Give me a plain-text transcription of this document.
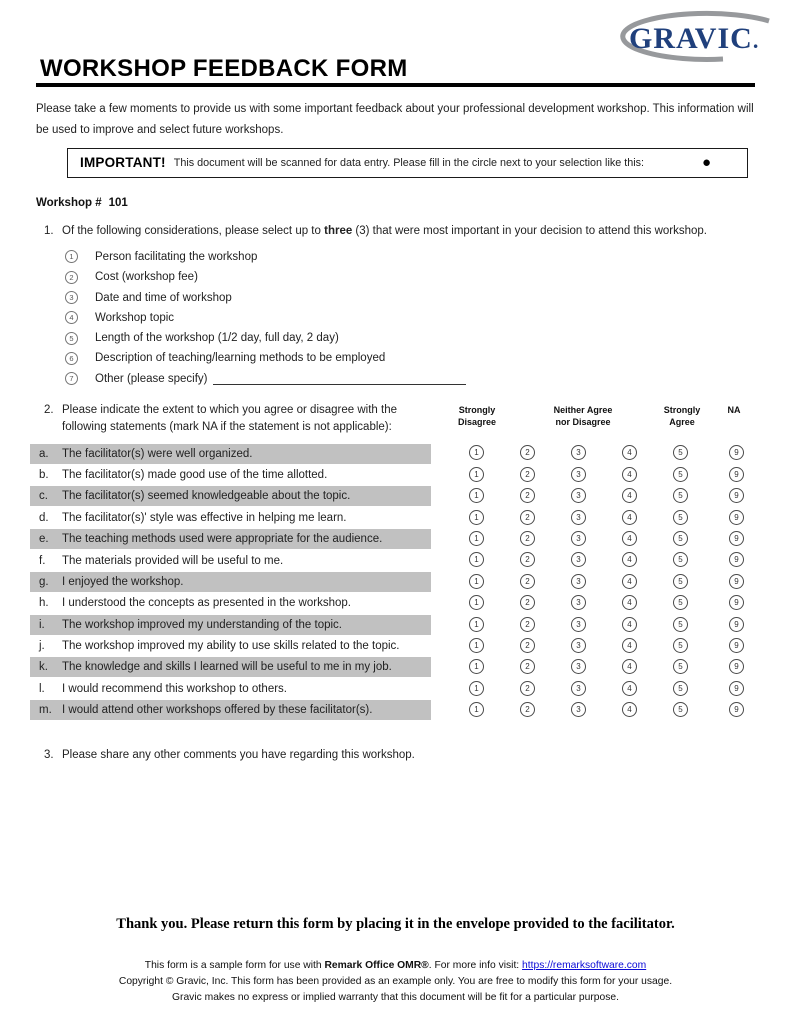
GRAVIC.
WORKSHOP FEEDBACK FORM

Please take a few moments to provide us with some important feedback about your professional development workshop. This information will be used to improve and select future workshops.

IMPORTANT! This document will be scanned for data entry. Please fill in the circle next to your selection like this:	●
Workshop # 101
1. Of the following considerations, please select up to three (3) that were most important in your decision to attend this workshop.
1	Person facilitating the workshop
2	Cost (workshop fee)
3	Date and time of workshop
4	Workshop topic
5	Length of the workshop (1/2 day, full day, 2 day)
6	Description of teaching/learning methods to be employed
7	Other (please specify)
2. Please indicate the extent to which you agree or disagree with the following statements (mark NA if the statement is not applicable):
Strongly
Disagree
Neither Agree
nor Disagree
Strongly
Agree
NA
a.	The facilitator(s) were well organized.	1	2	3	4	5	9
b.	The facilitator(s) made good use of the time allotted.	1	2	3	4	5	9
c.	The facilitator(s) seemed knowledgeable about the topic.	1	2	3	4	5	9
d.	The facilitator(s)' style was effective in helping me learn.	1	2	3	4	5	9
e.	The teaching methods used were appropriate for the audience.	1	2	3	4	5	9
f.	The materials provided will be useful to me.	1	2	3	4	5	9
g.	I enjoyed the workshop.	1	2	3	4	5	9
h.	I understood the concepts as presented in the workshop.	1	2	3	4	5	9
i.	The workshop improved my understanding of the topic.	1	2	3	4	5	9
j.	The workshop improved my ability to use skills related to the topic.	1	2	3	4	5	9
k.	The knowledge and skills I learned will be useful to me in my job.	1	2	3	4	5	9
l.	I would recommend this workshop to others.	1	2	3	4	5	9
m. I would attend other workshops offered by these facilitator(s).	1	2	3	4	5	9
3. Please share any other comments you have regarding this workshop.
Thank you. Please return this form by placing it in the envelope provided to the facilitator.
This form is a sample form for use with Remark Office OMR®. For more info visit: https://remarksoftware.com
Copyright © Gravic, Inc. This form has been provided as an example only. You are free to modify this form for your usage.
Gravic makes no express or implied warranty that this document will be fit for a particular purpose.
